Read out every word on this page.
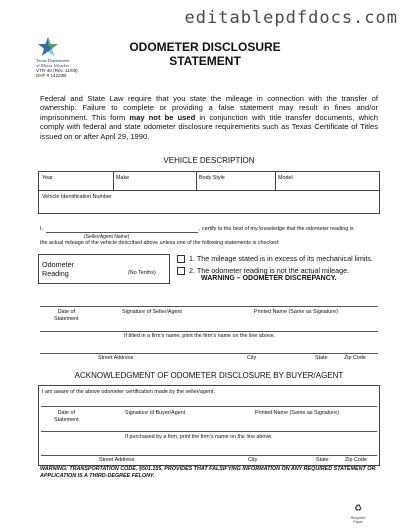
editablepdfdocs.com
Texas Department
of Motor Vehicles
VTR-40 (Rev. 11/09)
DHT # 14223B
ODOMETER DISCLOSURE
STATEMENT
Federal and State Law require that you state the mileage in connection with the transfer of ownership. Failure to complete or providing a false statement may result in fines and/or imprisonment. This form may not be used in conjunction with title transfer documents, which comply with federal and state odometer disclosure requirements such as Texas Certificate of Titles issued on or after April 29, 1990.
VEHICLE DESCRIPTION
Year	Make	Body Style	Model
Vehicle Identification Number
I,	, certify to the best of my knowledge that the odometer reading is
(Seller/Agent Name)
the actual mileage of the vehicle described above unless one of the following statements is checked:
Odometer
Reading	(No Tenths)
1. The mileage stated is in excess of its mechanical limits.
2. The odometer reading is not the actual mileage.
WARNING – ODOMETER DISCREPANCY.
Date of
Statement
Signature of Seller/Agent	Printed Name (Same as Signature)
If titled in a firm’s name, print the firm’s name on the line above.
Street Address	City	State	Zip Code
ACKNOWLEDGMENT OF ODOMETER DISCLOSURE BY BUYER/AGENT
I am aware of the above odometer certification made by the seller/agent.
Date of
Statement
Signature of Buyer/Agent	Printed Name (Same as Signature)
If purchased by a firm, print the firm’s name on the line above.
Street Address	City	State	Zip Code
WARNING: TRANSPORTATION CODE, §501.155, PROVIDES THAT FALSIFYING INFORMATION ON ANY REQUIRED STATEMENT OR APPLICATION IS A THIRD-DEGREE FELONY.
♻
Recycled
Paper
